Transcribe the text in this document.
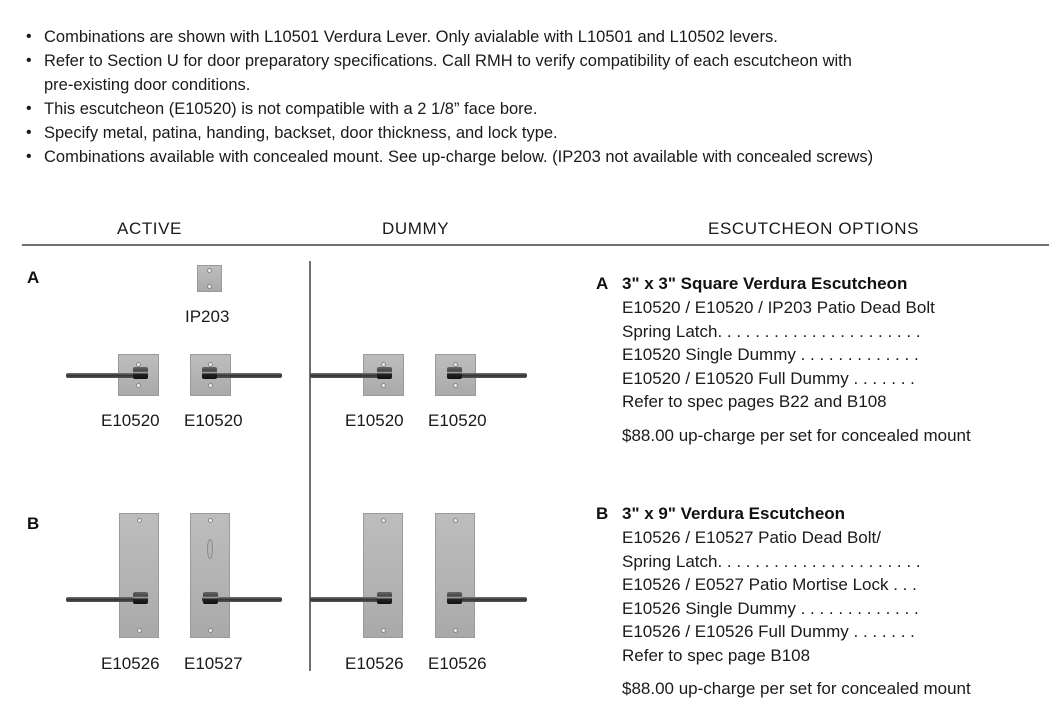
• Combinations are shown with L10501 Verdura Lever. Only avialable with L10501 and L10502 levers.
• Refer to Section U for door preparatory specifications. Call RMH to verify compatibility of each escutcheon with
pre-existing door conditions.
• This escutcheon (E10520) is not compatible with a 2 1/8” face bore.
• Specify metal, patina, handing, backset, door thickness, and lock type.
• Combinations available with concealed mount. See up-charge below. (IP203 not available with concealed screws)
ACTIVE	DUMMY	ESCUTCHEON OPTIONS
A
IP203
E10520 E10520	E10520 E10520
A 3" x 3" Square Verdura Escutcheon
E10520 / E10520 / IP203 Patio Dead Bolt
Spring Latch. . . . . . . . . . . . . . . . . . . . . .
E10520 Single Dummy . . . . . . . . . . . . .
E10520 / E10520 Full Dummy . . . . . . .
Refer to spec pages B22 and B108
$88.00 up-charge per set for concealed mount
B
E10526 E10527	E10526 E10526
B 3" x 9" Verdura Escutcheon
E10526 / E10527 Patio Dead Bolt/
Spring Latch. . . . . . . . . . . . . . . . . . . . . .
E10526 / E0527 Patio Mortise Lock . . .
E10526 Single Dummy . . . . . . . . . . . . .
E10526 / E10526 Full Dummy . . . . . . .
Refer to spec page B108
$88.00 up-charge per set for concealed mount
